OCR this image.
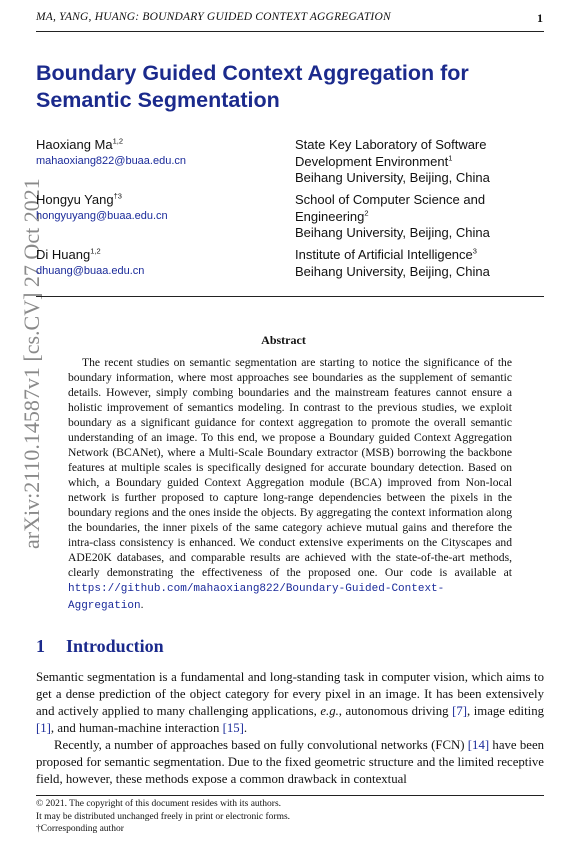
MA, YANG, HUANG: BOUNDARY GUIDED CONTEXT AGGREGATION	1
arXiv:2110.14587v1 [cs.CV] 27 Oct 2021
Boundary Guided Context Aggregation for
Semantic Segmentation
Haoxiang Ma$^{1,2}$
mahaoxiang822@buaa.edu.cn
Hongyu Yang$^{\dagger 3}$
hongyuyang@buaa.edu.cn
Di Huang$^{1,2}$
dhuang@buaa.edu.cn
State Key Laboratory of Software
Development Environment$^1$
Beihang University, Beijing, China
School of Computer Science and
Engineering$^2$
Beihang University, Beijing, China
Institute of Artificial Intelligence$^3$
Beihang University, Beijing, China
Abstract

The recent studies on semantic segmentation are starting to notice the significance of the boundary information, where most approaches see boundaries as the supplement of semantic details. However, simply combing boundaries and the mainstream features cannot ensure a holistic improvement of semantics modeling. In contrast to the previous studies, we exploit boundary as a significant guidance for context aggregation to promote the overall semantic understanding of an image. To this end, we propose a Boundary guided Context Aggregation Network (BCANet), where a Multi-Scale Boundary extractor (MSB) borrowing the backbone features at multiple scales is specifically designed for accurate boundary detection. Based on which, a Boundary guided Context Aggregation module (BCA) improved from Non-local network is further proposed to capture long-range dependencies between the pixels in the boundary regions and the ones inside the objects. By aggregating the context information along the boundaries, the inner pixels of the same category achieve mutual gains and therefore the intra-class consistency is enhanced. We conduct extensive experiments on the Cityscapes and ADE20K databases, and comparable results are achieved with the state-of-the-art methods, clearly demonstrating the effectiveness of the proposed one. Our code is available at https://github.com/mahaoxiang822/Boundary-Guided-Context-Aggregation.

1 Introduction

Semantic segmentation is a fundamental and long-standing task in computer vision, which aims to get a dense prediction of the object category for every pixel in an image. It has been extensively and actively applied to many challenging applications, e.g., autonomous driving [7], image editing [1], and human-machine interaction [15].

Recently, a number of approaches based on fully convolutional networks (FCN) [14] have been proposed for semantic segmentation. Due to the fixed geometric structure and the limited receptive field, however, these methods expose a common drawback in contextual

© 2021. The copyright of this document resides with its authors.
It may be distributed unchanged freely in print or electronic forms.
†Corresponding author
